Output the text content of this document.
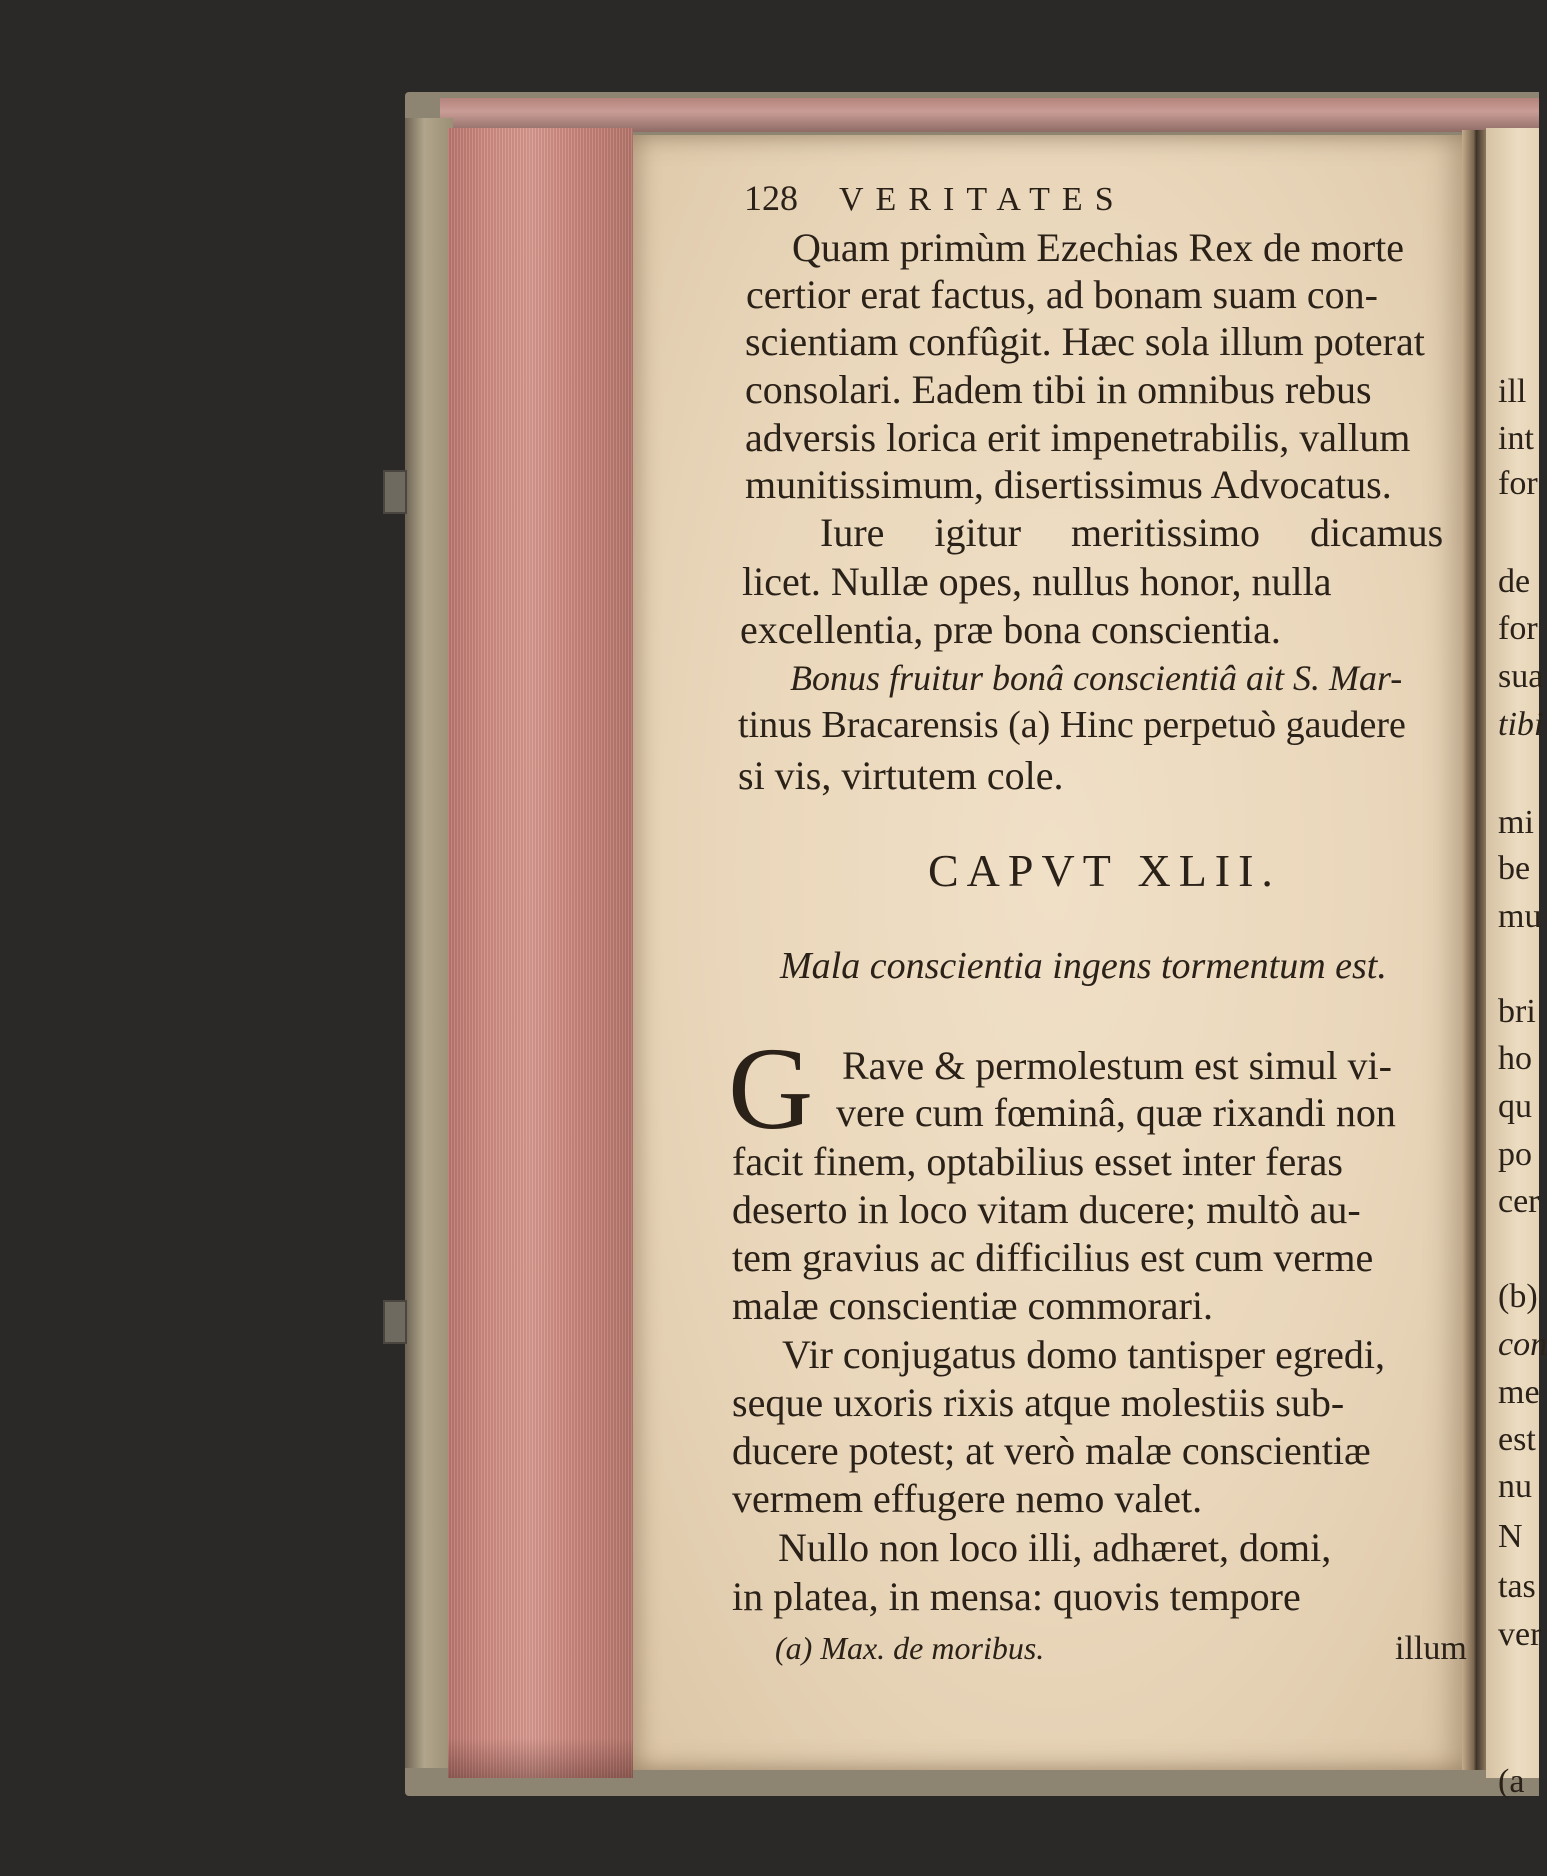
ill
int
for
de
for
sua
tibi
mi
be
mu
bri
ho
qu
po
cer
(b)
con
me
est
nu
N
tas
ver
(a
128 VERITATES
Quam primùm Ezechias Rex de morte
certior erat factus, ad bonam suam con-
scientiam confûgit. Hæc sola illum poterat
consolari. Eadem tibi in omnibus rebus
adversis lorica erit impenetrabilis, vallum
munitissimum, disertissimus Advocatus.
Iure igitur meritissimo dicamus
licet. Nullæ opes, nullus honor, nulla
excellentia, præ bona conscientia.
Bonus fruitur bonâ conscientiâ ait S. Mar-
tinus Bracarensis (a) Hinc perpetuò gaudere
si vis, virtutem cole.
CAPVT XLII.
Mala conscientia ingens tormentum est.
G Rave & permolestum est simul vi-
vere cum fœminâ, quæ rixandi non
facit finem, optabilius esset inter feras
deserto in loco vitam ducere; multò au-
tem gravius ac difficilius est cum verme
malæ conscientiæ commorari.
Vir conjugatus domo tantisper egredi,
seque uxoris rixis atque molestiis sub-
ducere potest; at verò malæ conscientiæ
vermem effugere nemo valet.
Nullo non loco illi, adhæret, domi,
in platea, in mensa: quovis tempore
(a) Max. de moribus.	illum
